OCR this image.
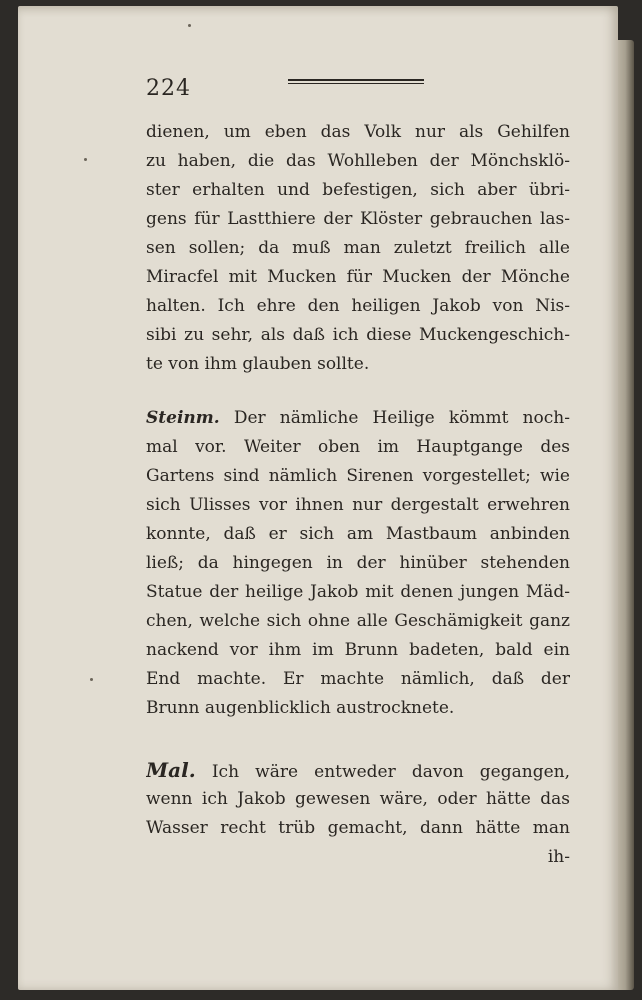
224
dienen, um eben das Volk nur als Gehilfen
zu haben, die das Wohlleben der Mönchsklö-
ster erhalten und befestigen, sich aber übri-
gens für Lastthiere der Klöster gebrauchen las-
sen sollen; da muß man zuletzt freilich alle
Miracfel mit Mucken für Mucken der Mönche
halten. Ich ehre den heiligen Jakob von Nis-
sibi zu sehr, als daß ich diese Muckengeschich-
te von ihm glauben sollte.
Steinm. Der nämliche Heilige kömmt noch-
mal vor. Weiter oben im Hauptgange des
Gartens sind nämlich Sirenen vorgestellet; wie
sich Ulisses vor ihnen nur dergestalt erwehren
konnte, daß er sich am Mastbaum anbinden
ließ; da hingegen in der hinüber stehenden
Statue der heilige Jakob mit denen jungen Mäd-
chen, welche sich ohne alle Geschämigkeit ganz
nackend vor ihm im Brunn badeten, bald ein
End machte. Er machte nämlich, daß der
Brunn augenblicklich austrocknete.
Mal. Ich wäre entweder davon gegangen,
wenn ich Jakob gewesen wäre, oder hätte das
Wasser recht trüb gemacht, dann hätte man
ih-
